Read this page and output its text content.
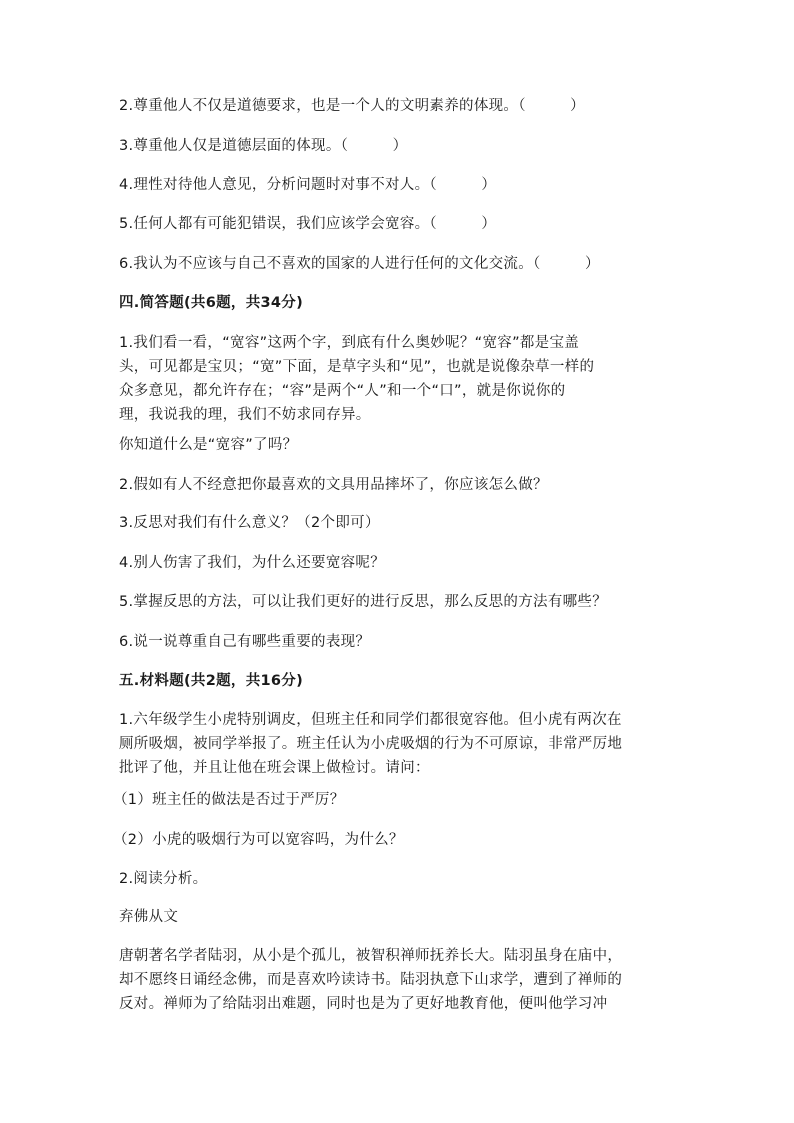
2.尊重他人不仅是道德要求，也是一个人的文明素养的体现。（　　　）

3.尊重他人仅是道德层面的体现。（　　　）

4.理性对待他人意见，分析问题时对事不对人。（　　　）

5.任何人都有可能犯错误，我们应该学会宽容。（　　　）

6.我认为不应该与自己不喜欢的国家的人进行任何的文化交流。（　　　）

四.简答题(共6题，共34分)

1.我们看一看，“宽容”这两个字，到底有什么奥妙呢？“宽容”都是宝盖

头，可见都是宝贝；“宽”下面，是草字头和“见”，也就是说像杂草一样的

众多意见，都允许存在；“容”是两个“人”和一个“口”，就是你说你的

理，我说我的理，我们不妨求同存异。

你知道什么是“宽容”了吗？

2.假如有人不经意把你最喜欢的文具用品摔坏了，你应该怎么做？

3.反思对我们有什么意义？（2个即可）

4.别人伤害了我们，为什么还要宽容呢？

5.掌握反思的方法，可以让我们更好的进行反思，那么反思的方法有哪些？

6.说一说尊重自己有哪些重要的表现？

五.材料题(共2题，共16分)

1.六年级学生小虎特别调皮，但班主任和同学们都很宽容他。但小虎有两次在

厕所吸烟，被同学举报了。班主任认为小虎吸烟的行为不可原谅，非常严厉地

批评了他，并且让他在班会课上做检讨。请问：

（1）班主任的做法是否过于严厉？

（2）小虎的吸烟行为可以宽容吗，为什么？

2.阅读分析。

弃佛从文

唐朝著名学者陆羽，从小是个孤儿，被智积禅师抚养长大。陆羽虽身在庙中，

却不愿终日诵经念佛，而是喜欢吟读诗书。陆羽执意下山求学，遭到了禅师的

反对。禅师为了给陆羽出难题，同时也是为了更好地教育他，便叫他学习冲
